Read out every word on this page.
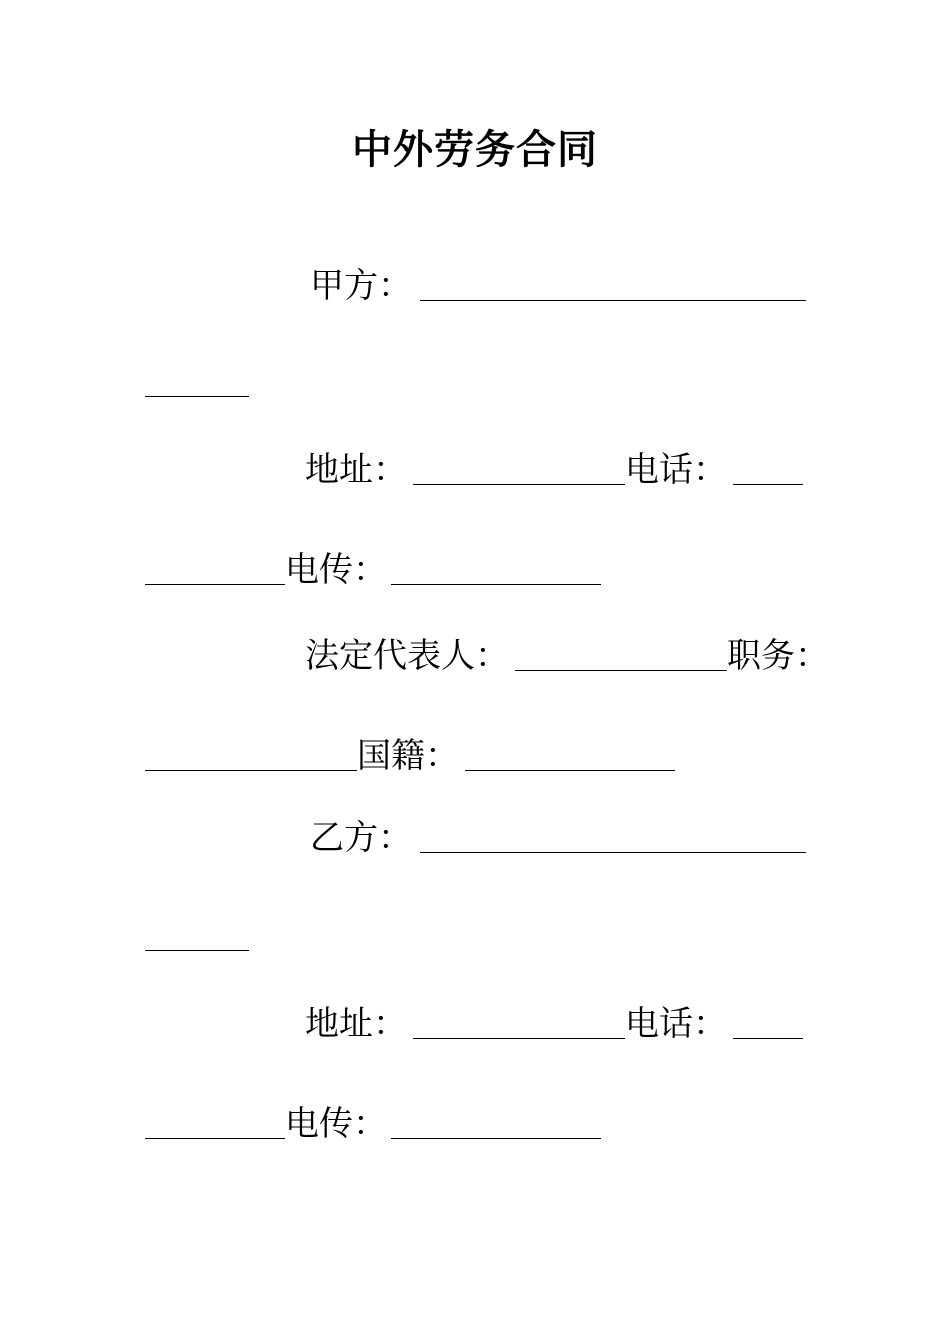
中外劳务合同
甲方：
地址：	电话：
电传：
法定代表人：	职务：
国籍：
乙方：
地址：	电话：
电传：
